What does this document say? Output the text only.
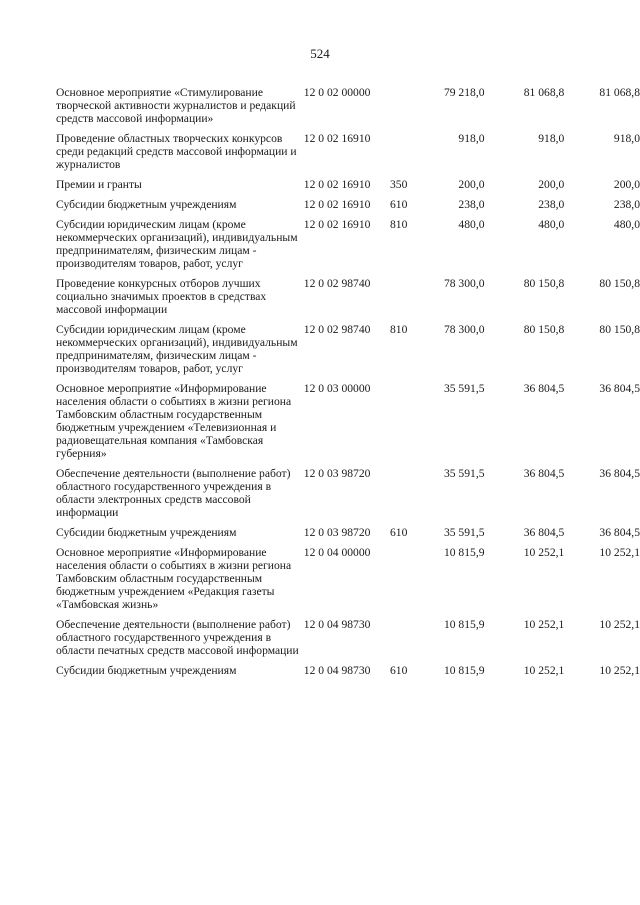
524
Основное мероприятие «Стимулирование творческой активности журналистов и редакций средств массовой информации»	12 0 02 00000		79 218,0	81 068,8	81 068,8
Проведение областных творческих конкурсов среди редакций средств массовой информации и журналистов	12 0 02 16910		918,0	918,0	918,0
Премии и гранты	12 0 02 16910	350	200,0	200,0	200,0
Субсидии бюджетным учреждениям	12 0 02 16910	610	238,0	238,0	238,0
Субсидии юридическим лицам (кроме некоммерческих организаций), индивидуальным предпринимателям, физическим лицам - производителям товаров, работ, услуг	12 0 02 16910	810	480,0	480,0	480,0
Проведение конкурсных отборов лучших социально значимых проектов в средствах массовой информации	12 0 02 98740		78 300,0	80 150,8	80 150,8
Субсидии юридическим лицам (кроме некоммерческих организаций), индивидуальным предпринимателям, физическим лицам - производителям товаров, работ, услуг	12 0 02 98740	810	78 300,0	80 150,8	80 150,8
Основное мероприятие «Информирование населения области о событиях в жизни региона Тамбовским областным государственным бюджетным учреждением «Телевизионная и радиовещательная компания «Тамбовская губерния»	12 0 03 00000		35 591,5	36 804,5	36 804,5
Обеспечение деятельности (выполнение работ) областного государственного учреждения в области электронных средств массовой информации	12 0 03 98720		35 591,5	36 804,5	36 804,5
Субсидии бюджетным учреждениям	12 0 03 98720	610	35 591,5	36 804,5	36 804,5
Основное мероприятие «Информирование населения области о событиях в жизни региона Тамбовским областным государственным бюджетным учреждением «Редакция газеты «Тамбовская жизнь»	12 0 04 00000		10 815,9	10 252,1	10 252,1
Обеспечение деятельности (выполнение работ) областного государственного учреждения в области печатных средств массовой информации	12 0 04 98730		10 815,9	10 252,1	10 252,1
Субсидии бюджетным учреждениям	12 0 04 98730	610	10 815,9	10 252,1	10 252,1
